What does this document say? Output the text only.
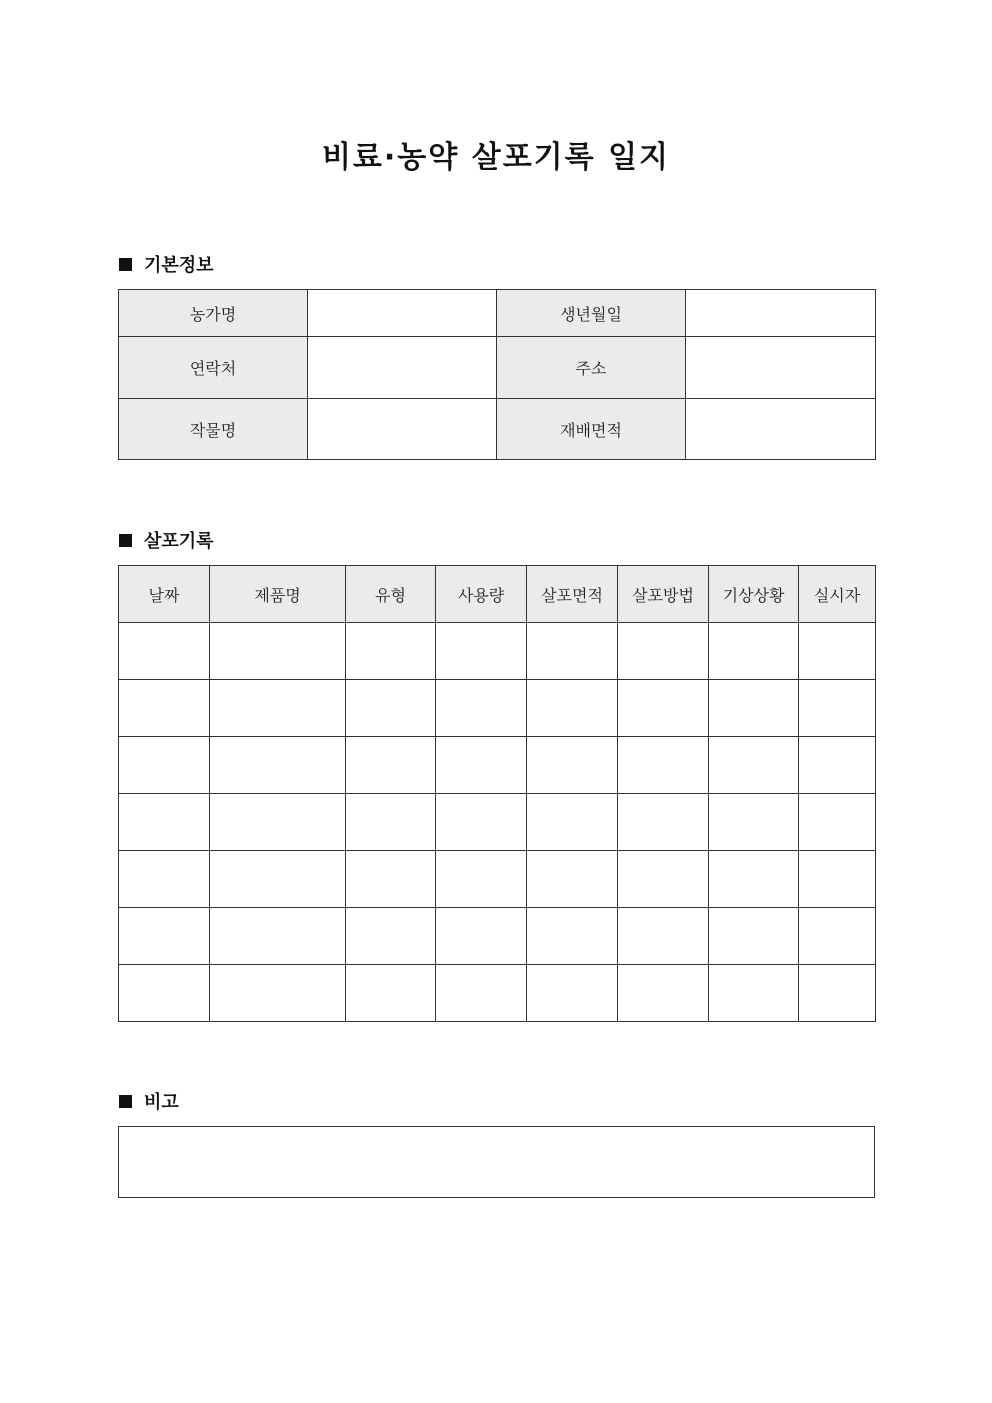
비료·농약 살포기록 일지
기본정보
농가명		생년월일	
연락처		주소	
작물명		재배면적	
살포기록
날짜	제품명	유형	사용량	살포면적	살포방법	기상상황	실시자

비고
